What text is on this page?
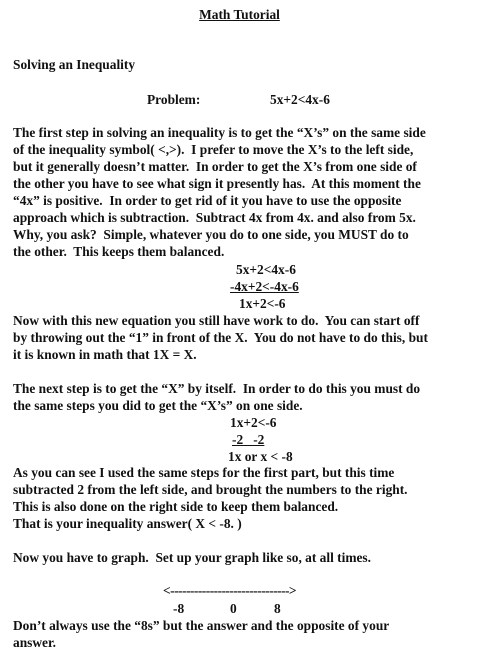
Math Tutorial
Solving an Inequality
Problem:	5x+2<4x-6
The first step in solving an inequality is to get the “X’s” on the same side
of the inequality symbol( <,>).  I prefer to move the X’s to the left side,
but it generally doesn’t matter.  In order to get the X’s from one side of
the other you have to see what sign it presently has.  At this moment the
“4x” is positive.  In order to get rid of it you have to use the opposite
approach which is subtraction.  Subtract 4x from 4x. and also from 5x.
Why, you ask?  Simple, whatever you do to one side, you MUST do to
the other.  This keeps them balanced.
5x+2<4x-6
-4x+2<-4x-6
1x+2<-6
Now with this new equation you still have work to do.  You can start off
by throwing out the “1” in front of the X.  You do not have to do this, but
it is known in math that 1X = X.
The next step is to get the “X” by itself.  In order to do this you must do
the same steps you did to get the “X’s” on one side.
1x+2<-6
-2   -2
1x or x < -8
As you can see I used the same steps for the first part, but this time
subtracted 2 from the left side, and brought the numbers to the right.
This is also done on the right side to keep them balanced.
That is your inequality answer( X < -8. )
Now you have to graph.  Set up your graph like so, at all times.
<------------------------------>
-8	0	8
Don’t always use the “8s” but the answer and the opposite of your
answer.
